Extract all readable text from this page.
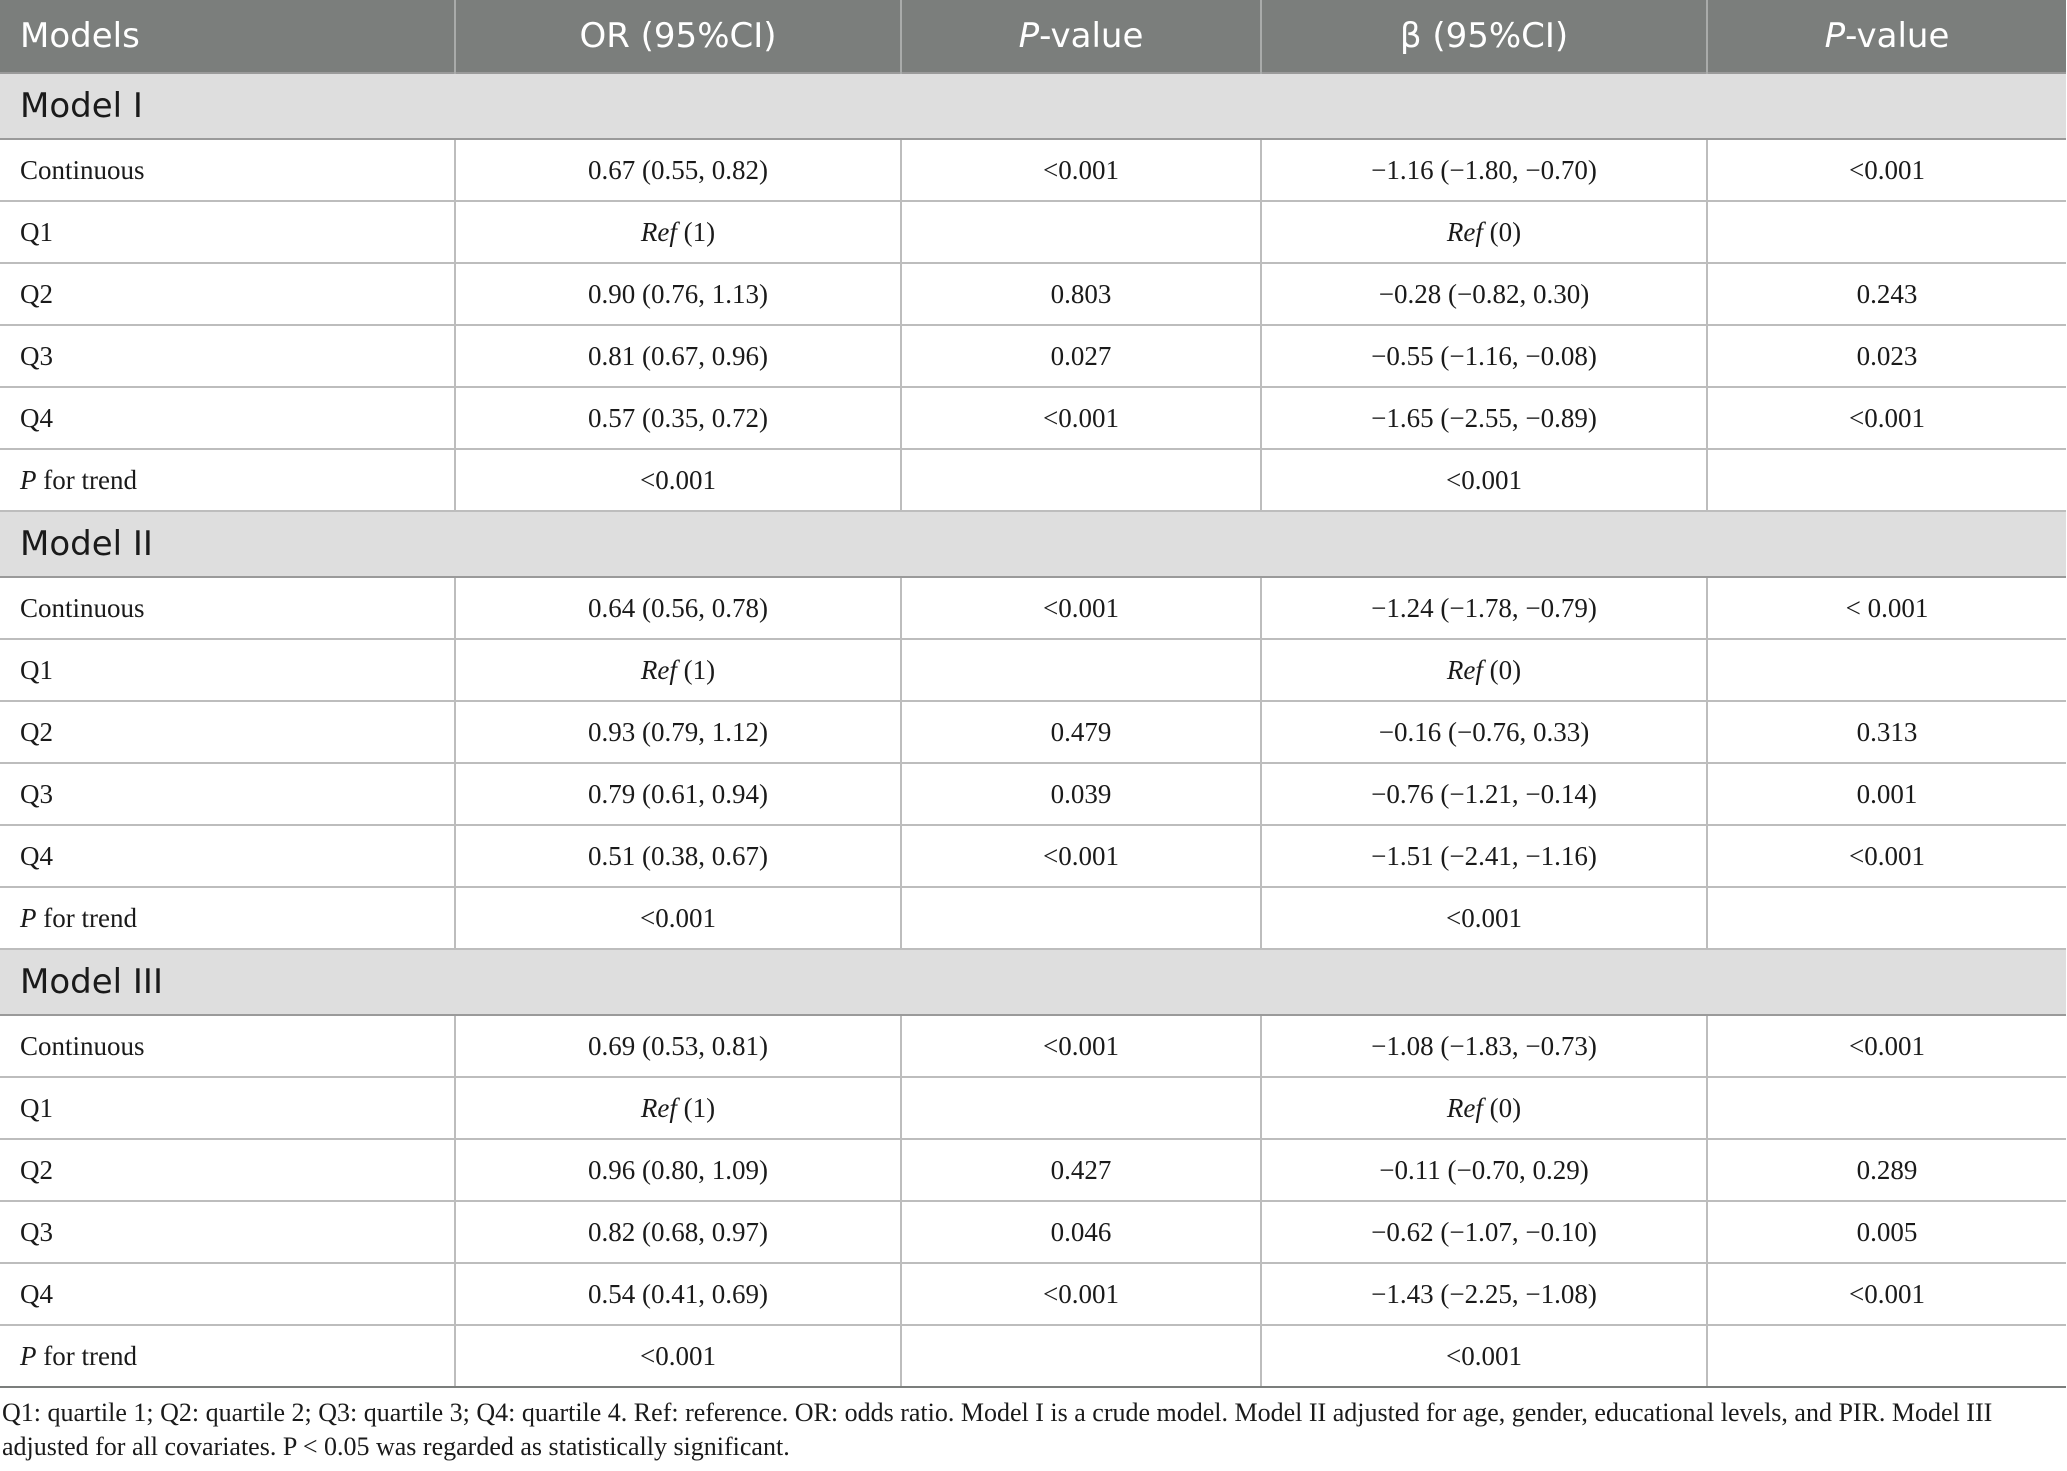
Models	OR (95%CI)	P-value	β (95%CI)	P-value
Model I				
Continuous	0.67 (0.55, 0.82)	<0.001	−1.16 (−1.80, −0.70)	<0.001
Q1	Ref (1)		Ref (0)	
Q2	0.90 (0.76, 1.13)	0.803	−0.28 (−0.82, 0.30)	0.243
Q3	0.81 (0.67, 0.96)	0.027	−0.55 (−1.16, −0.08)	0.023
Q4	0.57 (0.35, 0.72)	<0.001	−1.65 (−2.55, −0.89)	<0.001
P for trend	<0.001		<0.001	
Model II				
Continuous	0.64 (0.56, 0.78)	<0.001	−1.24 (−1.78, −0.79)	< 0.001
Q1	Ref (1)		Ref (0)	
Q2	0.93 (0.79, 1.12)	0.479	−0.16 (−0.76, 0.33)	0.313
Q3	0.79 (0.61, 0.94)	0.039	−0.76 (−1.21, −0.14)	0.001
Q4	0.51 (0.38, 0.67)	<0.001	−1.51 (−2.41, −1.16)	<0.001
P for trend	<0.001		<0.001	
Model III				
Continuous	0.69 (0.53, 0.81)	<0.001	−1.08 (−1.83, −0.73)	<0.001
Q1	Ref (1)		Ref (0)	
Q2	0.96 (0.80, 1.09)	0.427	−0.11 (−0.70, 0.29)	0.289
Q3	0.82 (0.68, 0.97)	0.046	−0.62 (−1.07, −0.10)	0.005
Q4	0.54 (0.41, 0.69)	<0.001	−1.43 (−2.25, −1.08)	<0.001
P for trend	<0.001		<0.001	

Q1: quartile 1; Q2: quartile 2; Q3: quartile 3; Q4: quartile 4. Ref: reference. OR: odds ratio. Model I is a crude model. Model II adjusted for age, gender, educational levels, and PIR. Model III adjusted for all covariates. P < 0.05 was regarded as statistically significant.
